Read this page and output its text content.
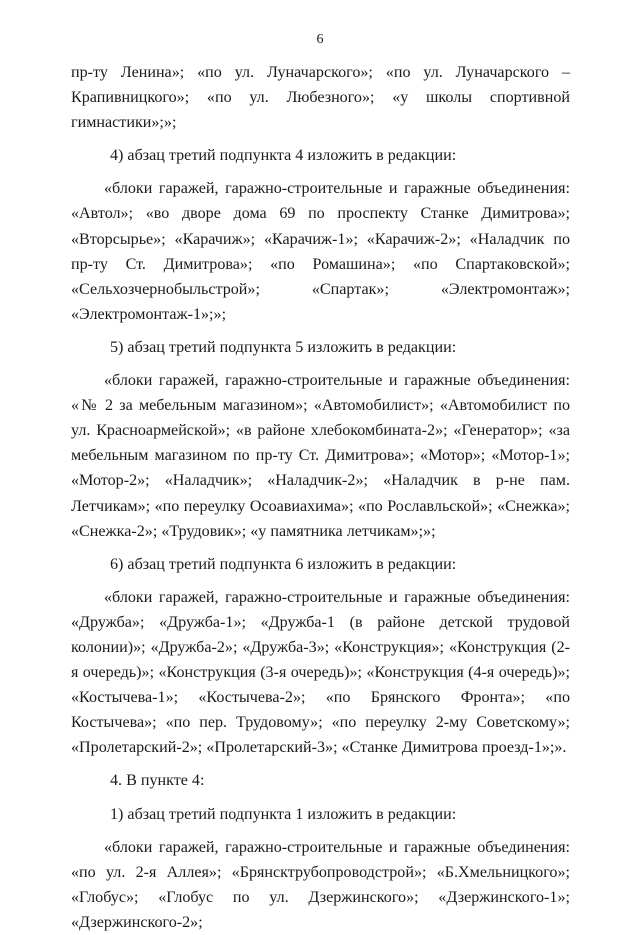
6

пр-ту Ленина»; «по ул. Луначарского»; «по ул. Луначарского – Крапивницкого»; «по ул. Любезного»; «у школы спортивной гимнастики»;»;

4) абзац третий подпункта 4 изложить в редакции:

«блоки гаражей, гаражно-строительные и гаражные объединения: «Автол»; «во дворе дома 69 по проспекту Станке Димитрова»; «Вторсырье»; «Карачиж»; «Карачиж-1»; «Карачиж-2»; «Наладчик по пр-ту Ст. Димитрова»; «по Ромашина»; «по Спартаковской»; «Сельхозчернобыльстрой»; «Спартак»; «Электромонтаж»; «Электромонтаж-1»;»;

5) абзац третий подпункта 5 изложить в редакции:

«блоки гаражей, гаражно-строительные и гаражные объединения: «№ 2 за мебельным магазином»; «Автомобилист»; «Автомобилист по ул. Красноармейской»; «в районе хлебокомбината-2»; «Генератор»; «за мебельным магазином по пр-ту Ст. Димитрова»; «Мотор»; «Мотор-1»; «Мотор-2»; «Наладчик»; «Наладчик-2»; «Наладчик в р-не пам. Летчикам»; «по переулку Осоавиахима»; «по Рославльской»; «Снежка»; «Снежка-2»; «Трудовик»; «у памятника летчикам»;»;

6) абзац третий подпункта 6 изложить в редакции:

«блоки гаражей, гаражно-строительные и гаражные объединения: «Дружба»; «Дружба-1»; «Дружба-1 (в районе детской трудовой колонии)»; «Дружба-2»; «Дружба-3»; «Конструкция»; «Конструкция (2-я очередь)»; «Конструкция (3-я очередь)»; «Конструкция (4-я очередь)»; «Костычева-1»; «Костычева-2»; «по Брянского Фронта»; «по Костычева»; «по пер. Трудовому»; «по переулку 2-му Советскому»; «Пролетарский-2»; «Пролетарский-3»; «Станке Димитрова проезд-1»;».

4. В пункте 4:

1) абзац третий подпункта 1 изложить в редакции:

«блоки гаражей, гаражно-строительные и гаражные объединения: «по ул. 2-я Аллея»; «Брянсктрубопроводстрой»; «Б.Хмельницкого»; «Глобус»; «Глобус по ул. Дзержинского»; «Дзержинского-1»; «Дзержинского-2»;
